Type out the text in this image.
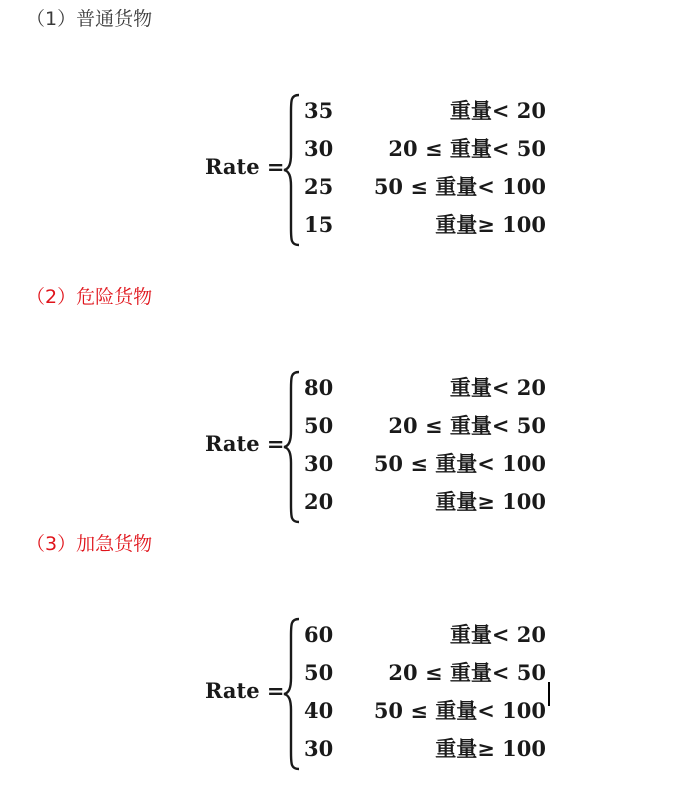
（1）普通货物
Rate =
35	重量< 20
30	20 ≤ 重量< 50
25 50 ≤ 重量< 100
15	重量≥ 100
（2）危险货物
Rate =
80	重量< 20
50	20 ≤ 重量< 50
30 50 ≤ 重量< 100
20	重量≥ 100
（3）加急货物
Rate =
60	重量< 20
50	20 ≤ 重量< 50
40 50 ≤ 重量< 100
30	重量≥ 100
